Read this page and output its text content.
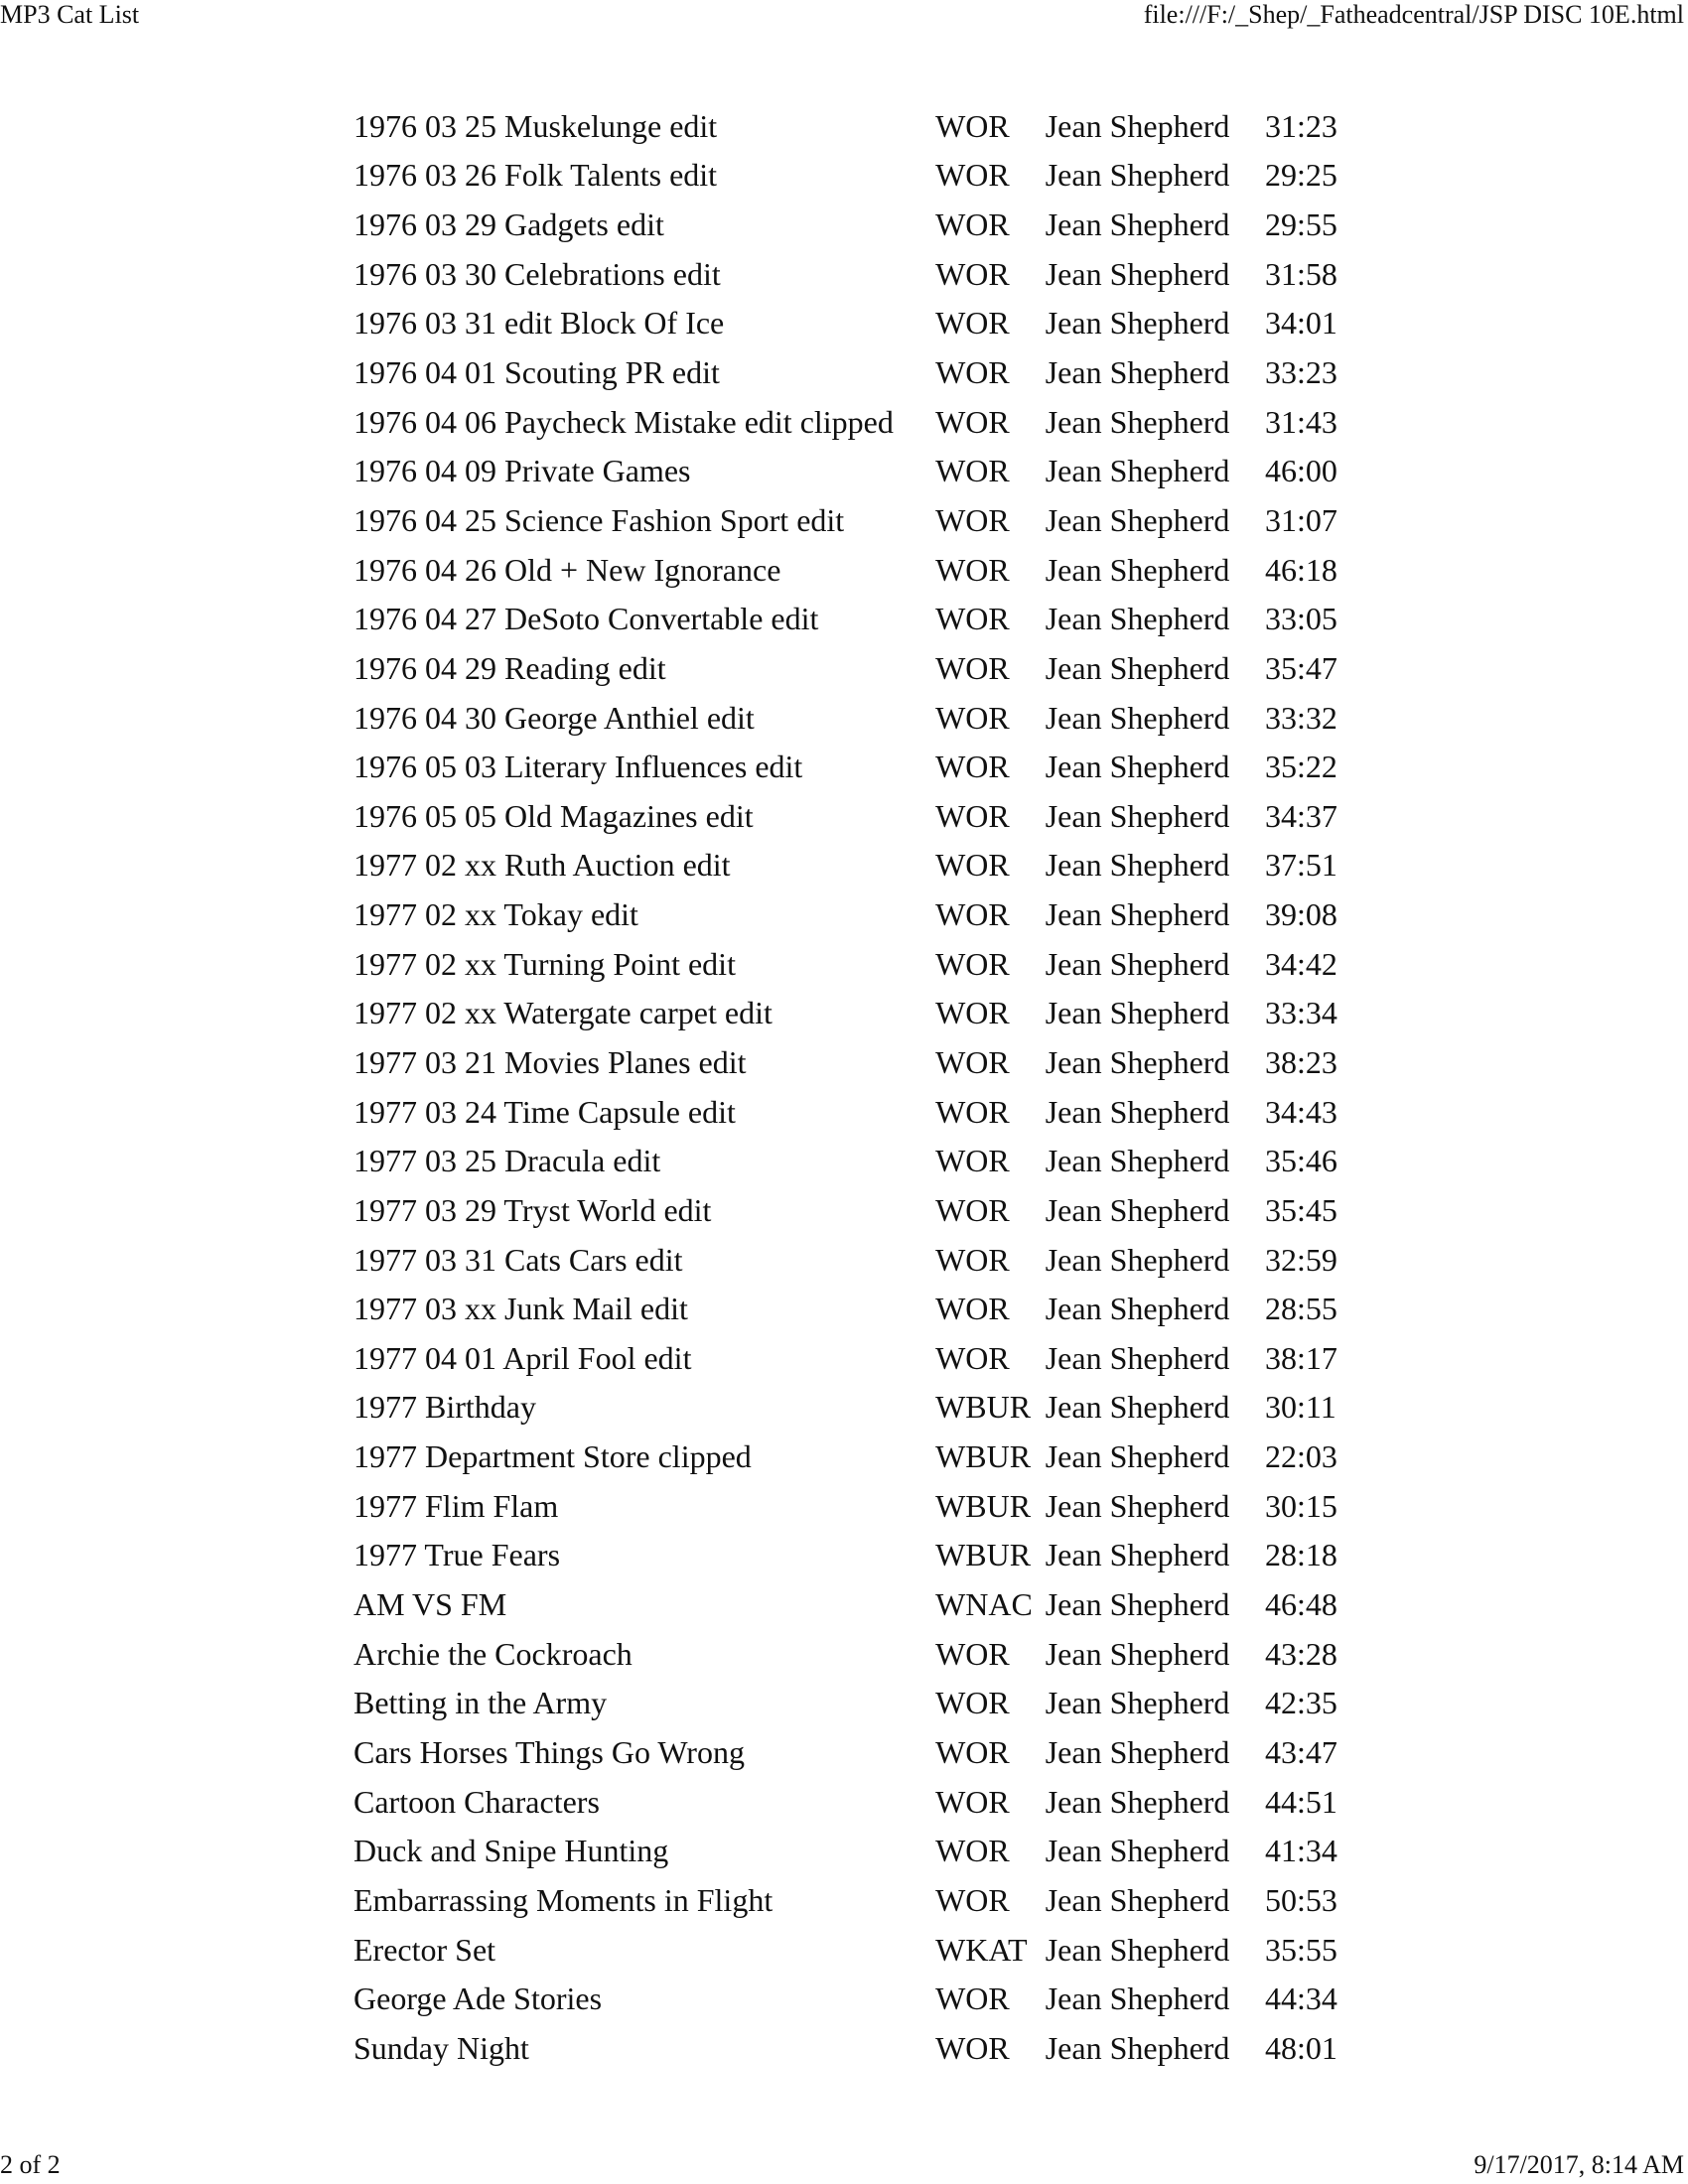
MP3 Cat List	file:///F:/_Shep/_Fatheadcentral/JSP DISC 10E.html
1976 03 25 Muskelunge edit	WOR	Jean Shepherd	31:23
1976 03 26 Folk Talents edit	WOR	Jean Shepherd	29:25
1976 03 29 Gadgets edit	WOR	Jean Shepherd	29:55
1976 03 30 Celebrations edit	WOR	Jean Shepherd	31:58
1976 03 31 edit Block Of Ice	WOR	Jean Shepherd	34:01
1976 04 01 Scouting PR edit	WOR	Jean Shepherd	33:23
1976 04 06 Paycheck Mistake edit clipped	WOR	Jean Shepherd	31:43
1976 04 09 Private Games	WOR	Jean Shepherd	46:00
1976 04 25 Science Fashion Sport edit	WOR	Jean Shepherd	31:07
1976 04 26 Old + New Ignorance	WOR	Jean Shepherd	46:18
1976 04 27 DeSoto Convertable edit	WOR	Jean Shepherd	33:05
1976 04 29 Reading edit	WOR	Jean Shepherd	35:47
1976 04 30 George Anthiel edit	WOR	Jean Shepherd	33:32
1976 05 03 Literary Influences edit	WOR	Jean Shepherd	35:22
1976 05 05 Old Magazines edit	WOR	Jean Shepherd	34:37
1977 02 xx Ruth Auction edit	WOR	Jean Shepherd	37:51
1977 02 xx Tokay edit	WOR	Jean Shepherd	39:08
1977 02 xx Turning Point edit	WOR	Jean Shepherd	34:42
1977 02 xx Watergate carpet edit	WOR	Jean Shepherd	33:34
1977 03 21 Movies Planes edit	WOR	Jean Shepherd	38:23
1977 03 24 Time Capsule edit	WOR	Jean Shepherd	34:43
1977 03 25 Dracula edit	WOR	Jean Shepherd	35:46
1977 03 29 Tryst World edit	WOR	Jean Shepherd	35:45
1977 03 31 Cats Cars edit	WOR	Jean Shepherd	32:59
1977 03 xx Junk Mail edit	WOR	Jean Shepherd	28:55
1977 04 01 April Fool edit	WOR	Jean Shepherd	38:17
1977 Birthday	WBUR	Jean Shepherd	30:11
1977 Department Store clipped	WBUR	Jean Shepherd	22:03
1977 Flim Flam	WBUR	Jean Shepherd	30:15
1977 True Fears	WBUR	Jean Shepherd	28:18
AM VS FM	WNAC	Jean Shepherd	46:48
Archie the Cockroach	WOR	Jean Shepherd	43:28
Betting in the Army	WOR	Jean Shepherd	42:35
Cars Horses Things Go Wrong	WOR	Jean Shepherd	43:47
Cartoon Characters	WOR	Jean Shepherd	44:51
Duck and Snipe Hunting	WOR	Jean Shepherd	41:34
Embarrassing Moments in Flight	WOR	Jean Shepherd	50:53
Erector Set	WKAT	Jean Shepherd	35:55
George Ade Stories	WOR	Jean Shepherd	44:34
Sunday Night	WOR	Jean Shepherd	48:01
2 of 2	9/17/2017, 8:14 AM
